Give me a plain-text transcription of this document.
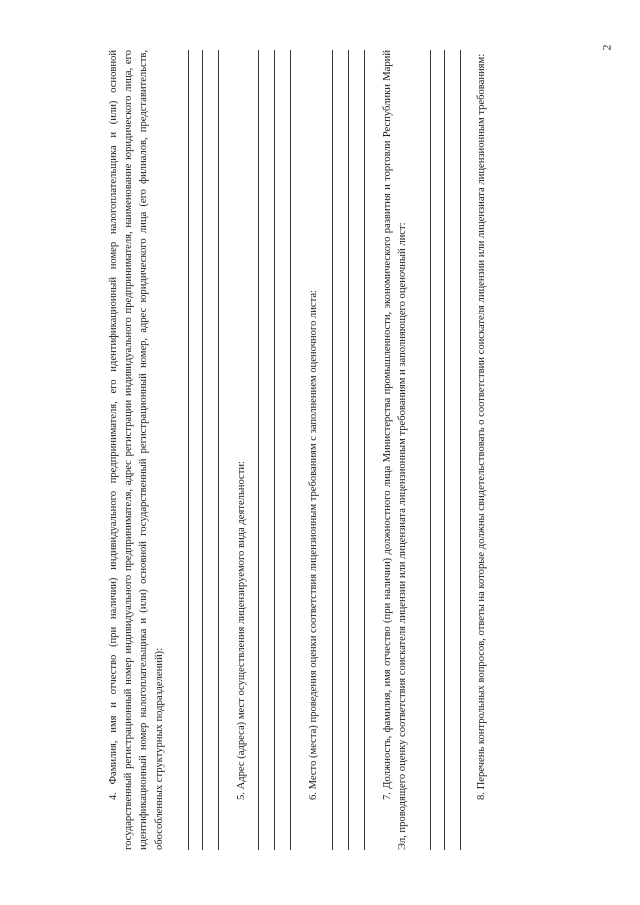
2

4. Фамилия, имя и отчество (при наличии) индивидуального предпринимателя, его идентификационный номер налогоплательщика и (или) основной государственный регистрационный номер индивидуального предпринимателя, адрес регистрации индивидуального предпринимателя, наименование юридического лица, его идентификационный номер налогоплательщика и (или) основной государственный регистрационный номер, адрес юридического лица (его филиалов, представительств, обособленных структурных подразделений):	5. Адрес (адреса) мест осуществления лицензируемого вида деятельности:	6. Место (места) проведения оценки соответствия лицензионным требованиям с заполнением оценочного листа:	7. Должность, фамилия, имя отчество (при наличии) должностного лица Министерства промышленности, экономического развития и торговли Республики Марий Эл, проводящего оценку соответствия соискателя лицензии или лицензиата лицензионным требованиям и заполняющего оценочный лист:	8. Перечень контрольных вопросов, ответы на которые должны свидетельствовать о соответствии соискателя лицензии или лицензиата лицензионным требованиям:
